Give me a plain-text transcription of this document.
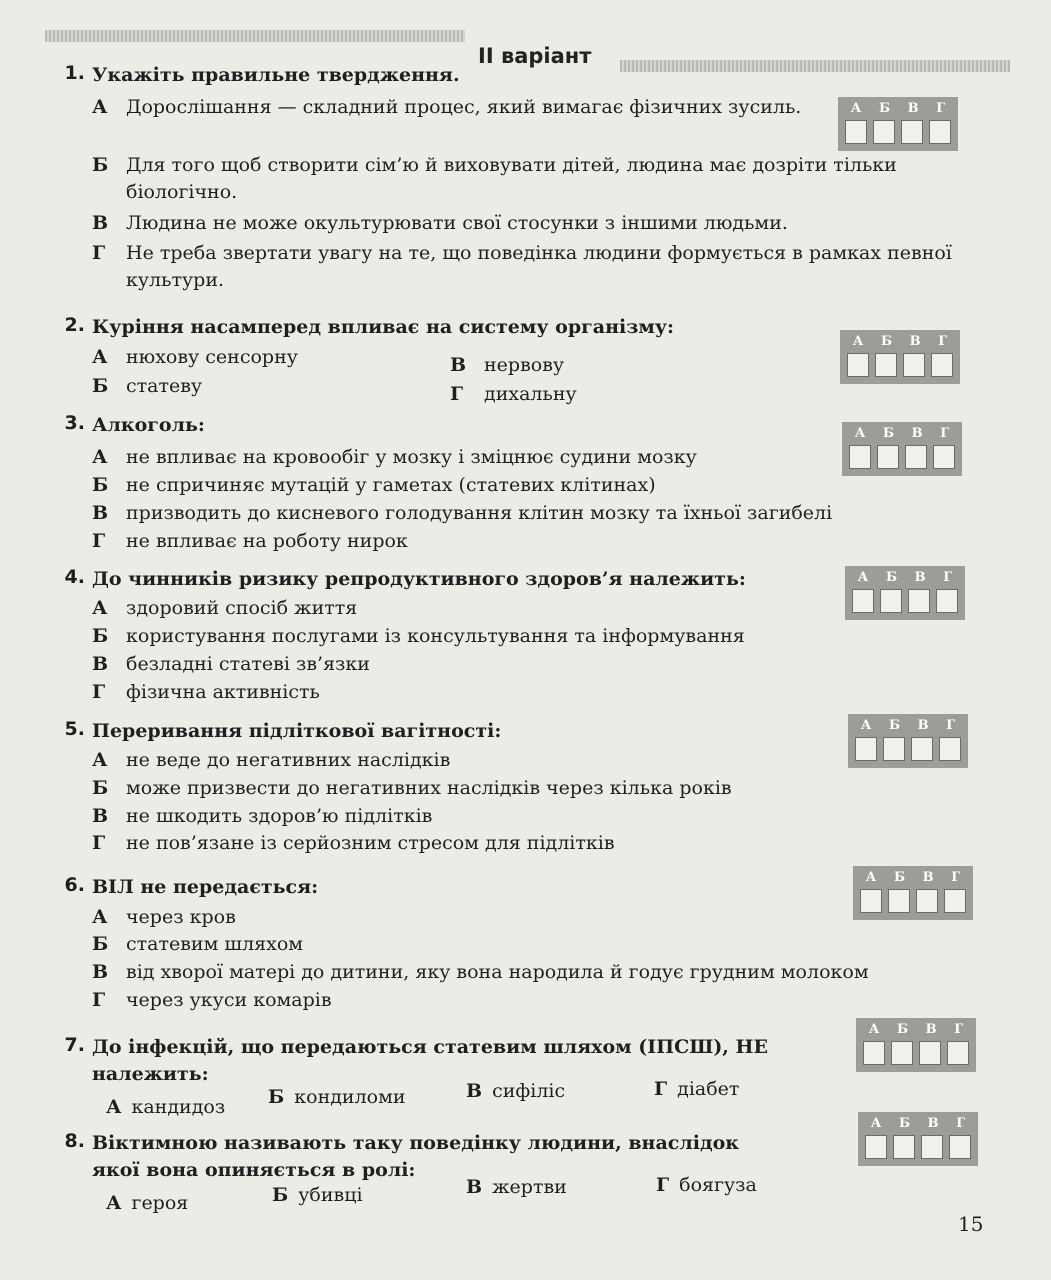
ІІ варіант
1. Укажіть правильне твердження.
А Дорослішання — складний процес, який вимагає фізичних зусиль.
Б Для того щоб створити сім’ю й виховувати дітей, людина має дозріти тільки біологічно.
В Людина не може окультурювати свої стосунки з іншими людьми.
Г	Не треба звертати увагу на те, що поведінка людини формується в рамках певної культури.
А Б В Г
2. Куріння насамперед впливає на систему організму:
А нюхову сенсорну
Б статеву
В нервову
Г	дихальну
А Б В Г
3. Алкоголь:
А не впливає на кровообіг у мозку і зміцнює судини мозку
Б не спричиняє мутацій у гаметах (статевих клітинах)
В призводить до кисневого голодування клітин мозку та їхньої загибелі
Г	не впливає на роботу нирок
А Б В Г
4. До чинників ризику репродуктивного здоров’я належить:
А здоровий спосіб життя
Б користування послугами із консультування та інформування
В безладні статеві зв’язки
Г	фізична активність
А Б В Г
5. Переривання підліткової вагітності:
А не веде до негативних наслідків
Б може призвести до негативних наслідків через кілька років
В не шкодить здоров’ю підлітків
Г	не пов’язане із серйозним стресом для підлітків
А Б В Г
6. ВІЛ не передається:
А через кров
Б статевим шляхом
В від хворої матері до дитини, яку вона народила й годує грудним молоком
Г	через укуси комарів
А Б В Г
7. До інфекцій, що передаються статевим шляхом (ІПСШ), НЕ належить:
А кандидоз Б кондиломи	В сифіліс	Г діабет
А Б В Г
8. Віктимною називають таку поведінку людини, внаслідок якої вона опиняється в ролі:
А героя	Б убивці	В жертви	Г боягуза
А Б В Г
15
